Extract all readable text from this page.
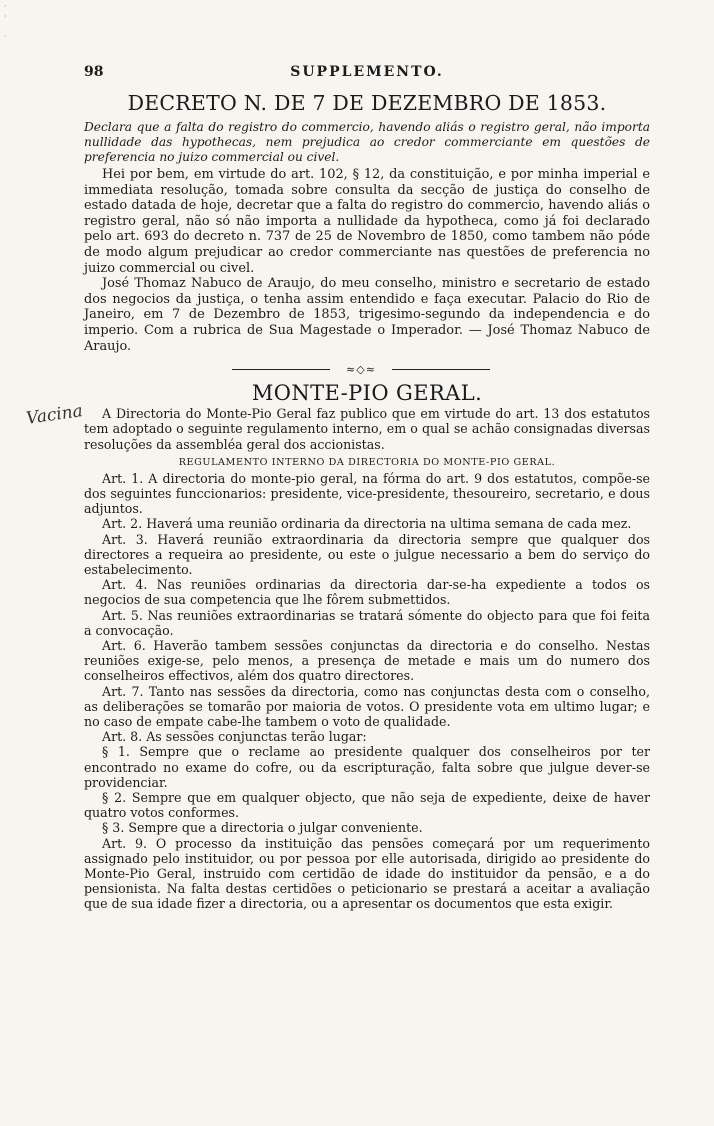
·
·

·
98	SUPPLEMENTO.
DECRETO N. DE 7 DE DEZEMBRO DE 1853.
Declara que a falta do registro do commercio, havendo aliás o registro geral, não importa nullidade das hypothecas, nem prejudica ao credor commerciante em questões de preferencia no juizo commercial ou civel.

Hei por bem, em virtude do art. 102, § 12, da constituição, e por minha imperial e immediata resolução, tomada sobre consulta da secção de justiça do conselho de estado datada de hoje, decretar que a falta do registro do commercio, havendo aliás o registro geral, não só não importa a nullidade da hypotheca, como já foi declarado pelo art. 693 do decreto n. 737 de 25 de Novembro de 1850, como tambem não póde de modo algum prejudicar ao credor commerciante nas questões de preferencia no juizo commercial ou civel.

José Thomaz Nabuco de Araujo, do meu conselho, ministro e secretario de estado dos negocios da justiça, o tenha assim entendido e faça executar. Palacio do Rio de Janeiro, em 7 de Dezembro de 1853, trigesimo-segundo da independencia e do imperio. Com a rubrica de Sua Magestade o Imperador. — José Thomaz Nabuco de Araujo.

≈◇≈
MONTE-PIO GERAL.

A Directoria do Monte-Pio Geral faz publico que em virtude do art. 13 dos estatutos tem adoptado o seguinte regulamento interno, em o qual se achão consignadas diversas resoluções da assembléa geral dos accionistas.

REGULAMENTO INTERNO DA DIRECTORIA DO MONTE-PIO GERAL.

Art. 1. A directoria do monte-pio geral, na fórma do art. 9 dos estatutos, compõe-se dos seguintes funccionarios: presidente, vice-presidente, thesoureiro, secretario, e dous adjuntos.

Art. 2. Haverá uma reunião ordinaria da directoria na ultima semana de cada mez.

Art. 3. Haverá reunião extraordinaria da directoria sempre que qualquer dos directores a requeira ao presidente, ou este o julgue necessario a bem do serviço do estabelecimento.

Art. 4. Nas reuniões ordinarias da directoria dar-se-ha expediente a todos os negocios de sua competencia que lhe fôrem submettidos.

Art. 5. Nas reuniões extraordinarias se tratará sómente do objecto para que foi feita a convocação.

Art. 6. Haverão tambem sessões conjunctas da directoria e do conselho. Nestas reuniões exige-se, pelo menos, a presença de metade e mais um do numero dos conselheiros effectivos, além dos quatro directores.

Art. 7. Tanto nas sessões da directoria, como nas conjunctas desta com o conselho, as deliberações se tomarão por maioria de votos. O presidente vota em ultimo lugar; e no caso de empate cabe-lhe tambem o voto de qualidade.

Art. 8. As sessões conjunctas terão lugar:

§ 1. Sempre que o reclame ao presidente qualquer dos conselheiros por ter encontrado no exame do cofre, ou da escripturação, falta sobre que julgue dever-se providenciar.

§ 2. Sempre que em qualquer objecto, que não seja de expediente, deixe de haver quatro votos conformes.

§ 3. Sempre que a directoria o julgar conveniente.

Art. 9. O processo da instituição das pensões começará por um requerimento assignado pelo instituidor, ou por pessoa por elle autorisada, dirigido ao presidente do Monte-Pio Geral, instruido com certidão de idade do instituidor da pensão, e a do pensionista. Na falta destas certidões o peticionario se prestará a aceitar a avaliação que de sua idade fizer a directoria, ou a apresentar os documentos que esta exigir.

Vacina
